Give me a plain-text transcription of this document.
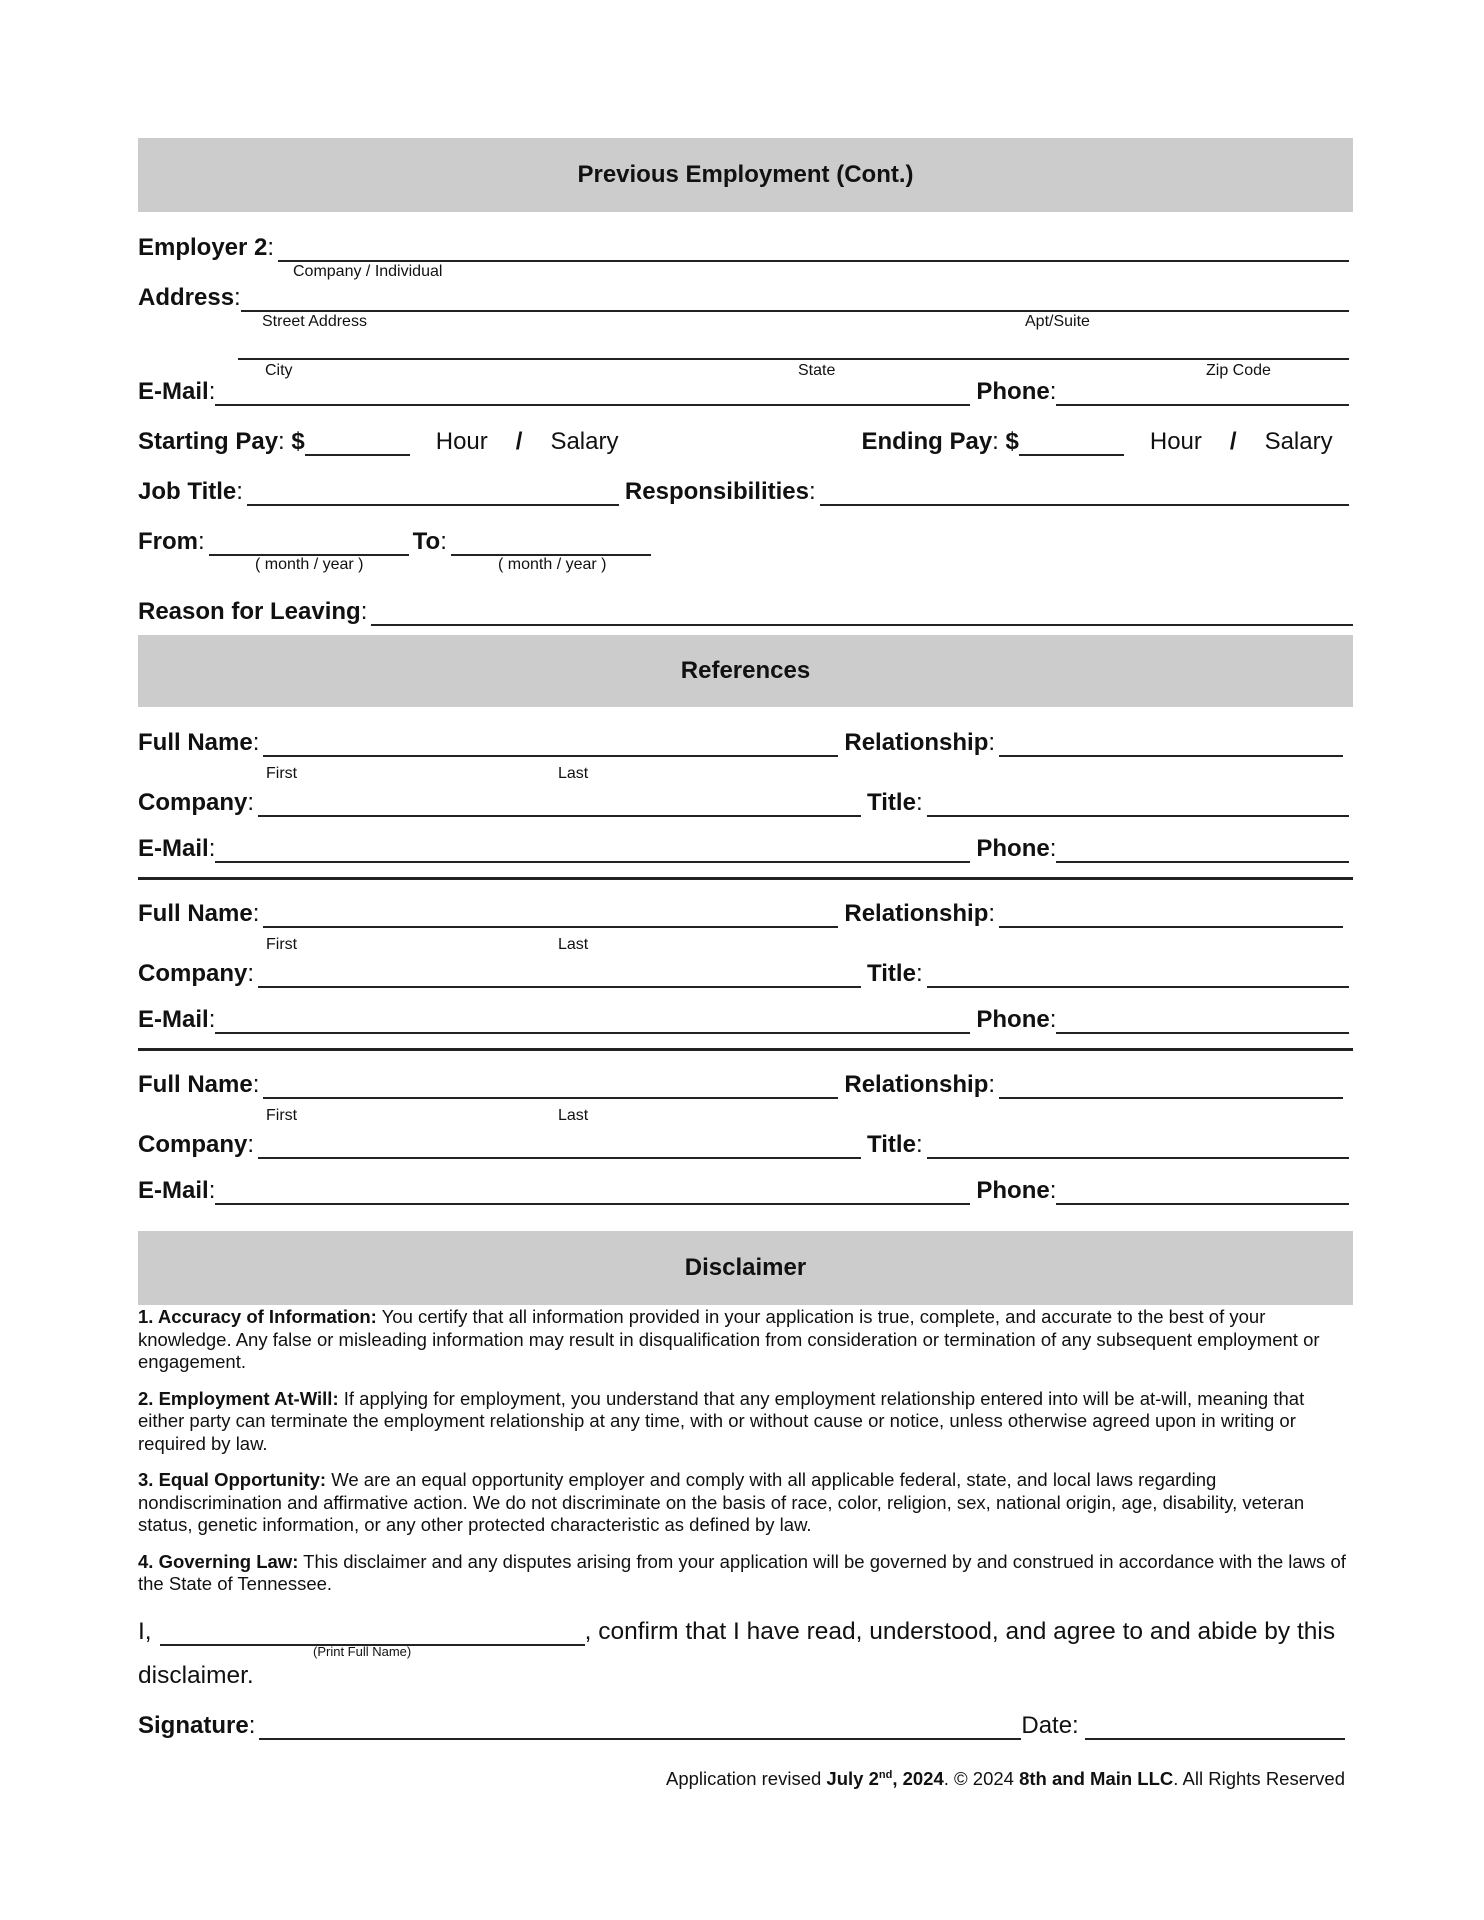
Previous Employment (Cont.)
Employer 2:
Company / Individual
Address:
Street Address	Apt/Suite
City	State	Zip Code
E-Mail:	Phone:
Starting Pay: $	Hour / Salary	Ending Pay: $	Hour / Salary
Job Title:	Responsibilities:
From:	To:
( month / year )	( month / year )
Reason for Leaving:
References
Full Name:	Relationship:
First	Last
Company:	Title:
E-Mail:	Phone:
Full Name:	Relationship:
First	Last
Company:	Title:
E-Mail:	Phone:
Full Name:	Relationship:
First	Last
Company:	Title:
E-Mail:	Phone:
Disclaimer

1. Accuracy of Information: You certify that all information provided in your application is true, complete, and accurate to the best of your knowledge. Any false or misleading information may result in disqualification from consideration or termination of any subsequent employment or engagement.

2. Employment At-Will: If applying for employment, you understand that any employment relationship entered into will be at-will, meaning that either party can terminate the employment relationship at any time, with or without cause or notice, unless otherwise agreed upon in writing or required by law.

3. Equal Opportunity: We are an equal opportunity employer and comply with all applicable federal, state, and local laws regarding nondiscrimination and affirmative action. We do not discriminate on the basis of race, color, religion, sex, national origin, age, disability, veteran status, genetic information, or any other protected characteristic as defined by law.

4. Governing Law: This disclaimer and any disputes arising from your application will be governed by and construed in accordance with the laws of the State of Tennessee.

I,	, confirm that I have read, understood, and agree to and abide by this
(Print Full Name)
disclaimer.
Signature:	Date:
Application revised July 2nd, 2024. © 2024 8th and Main LLC. All Rights Reserved
